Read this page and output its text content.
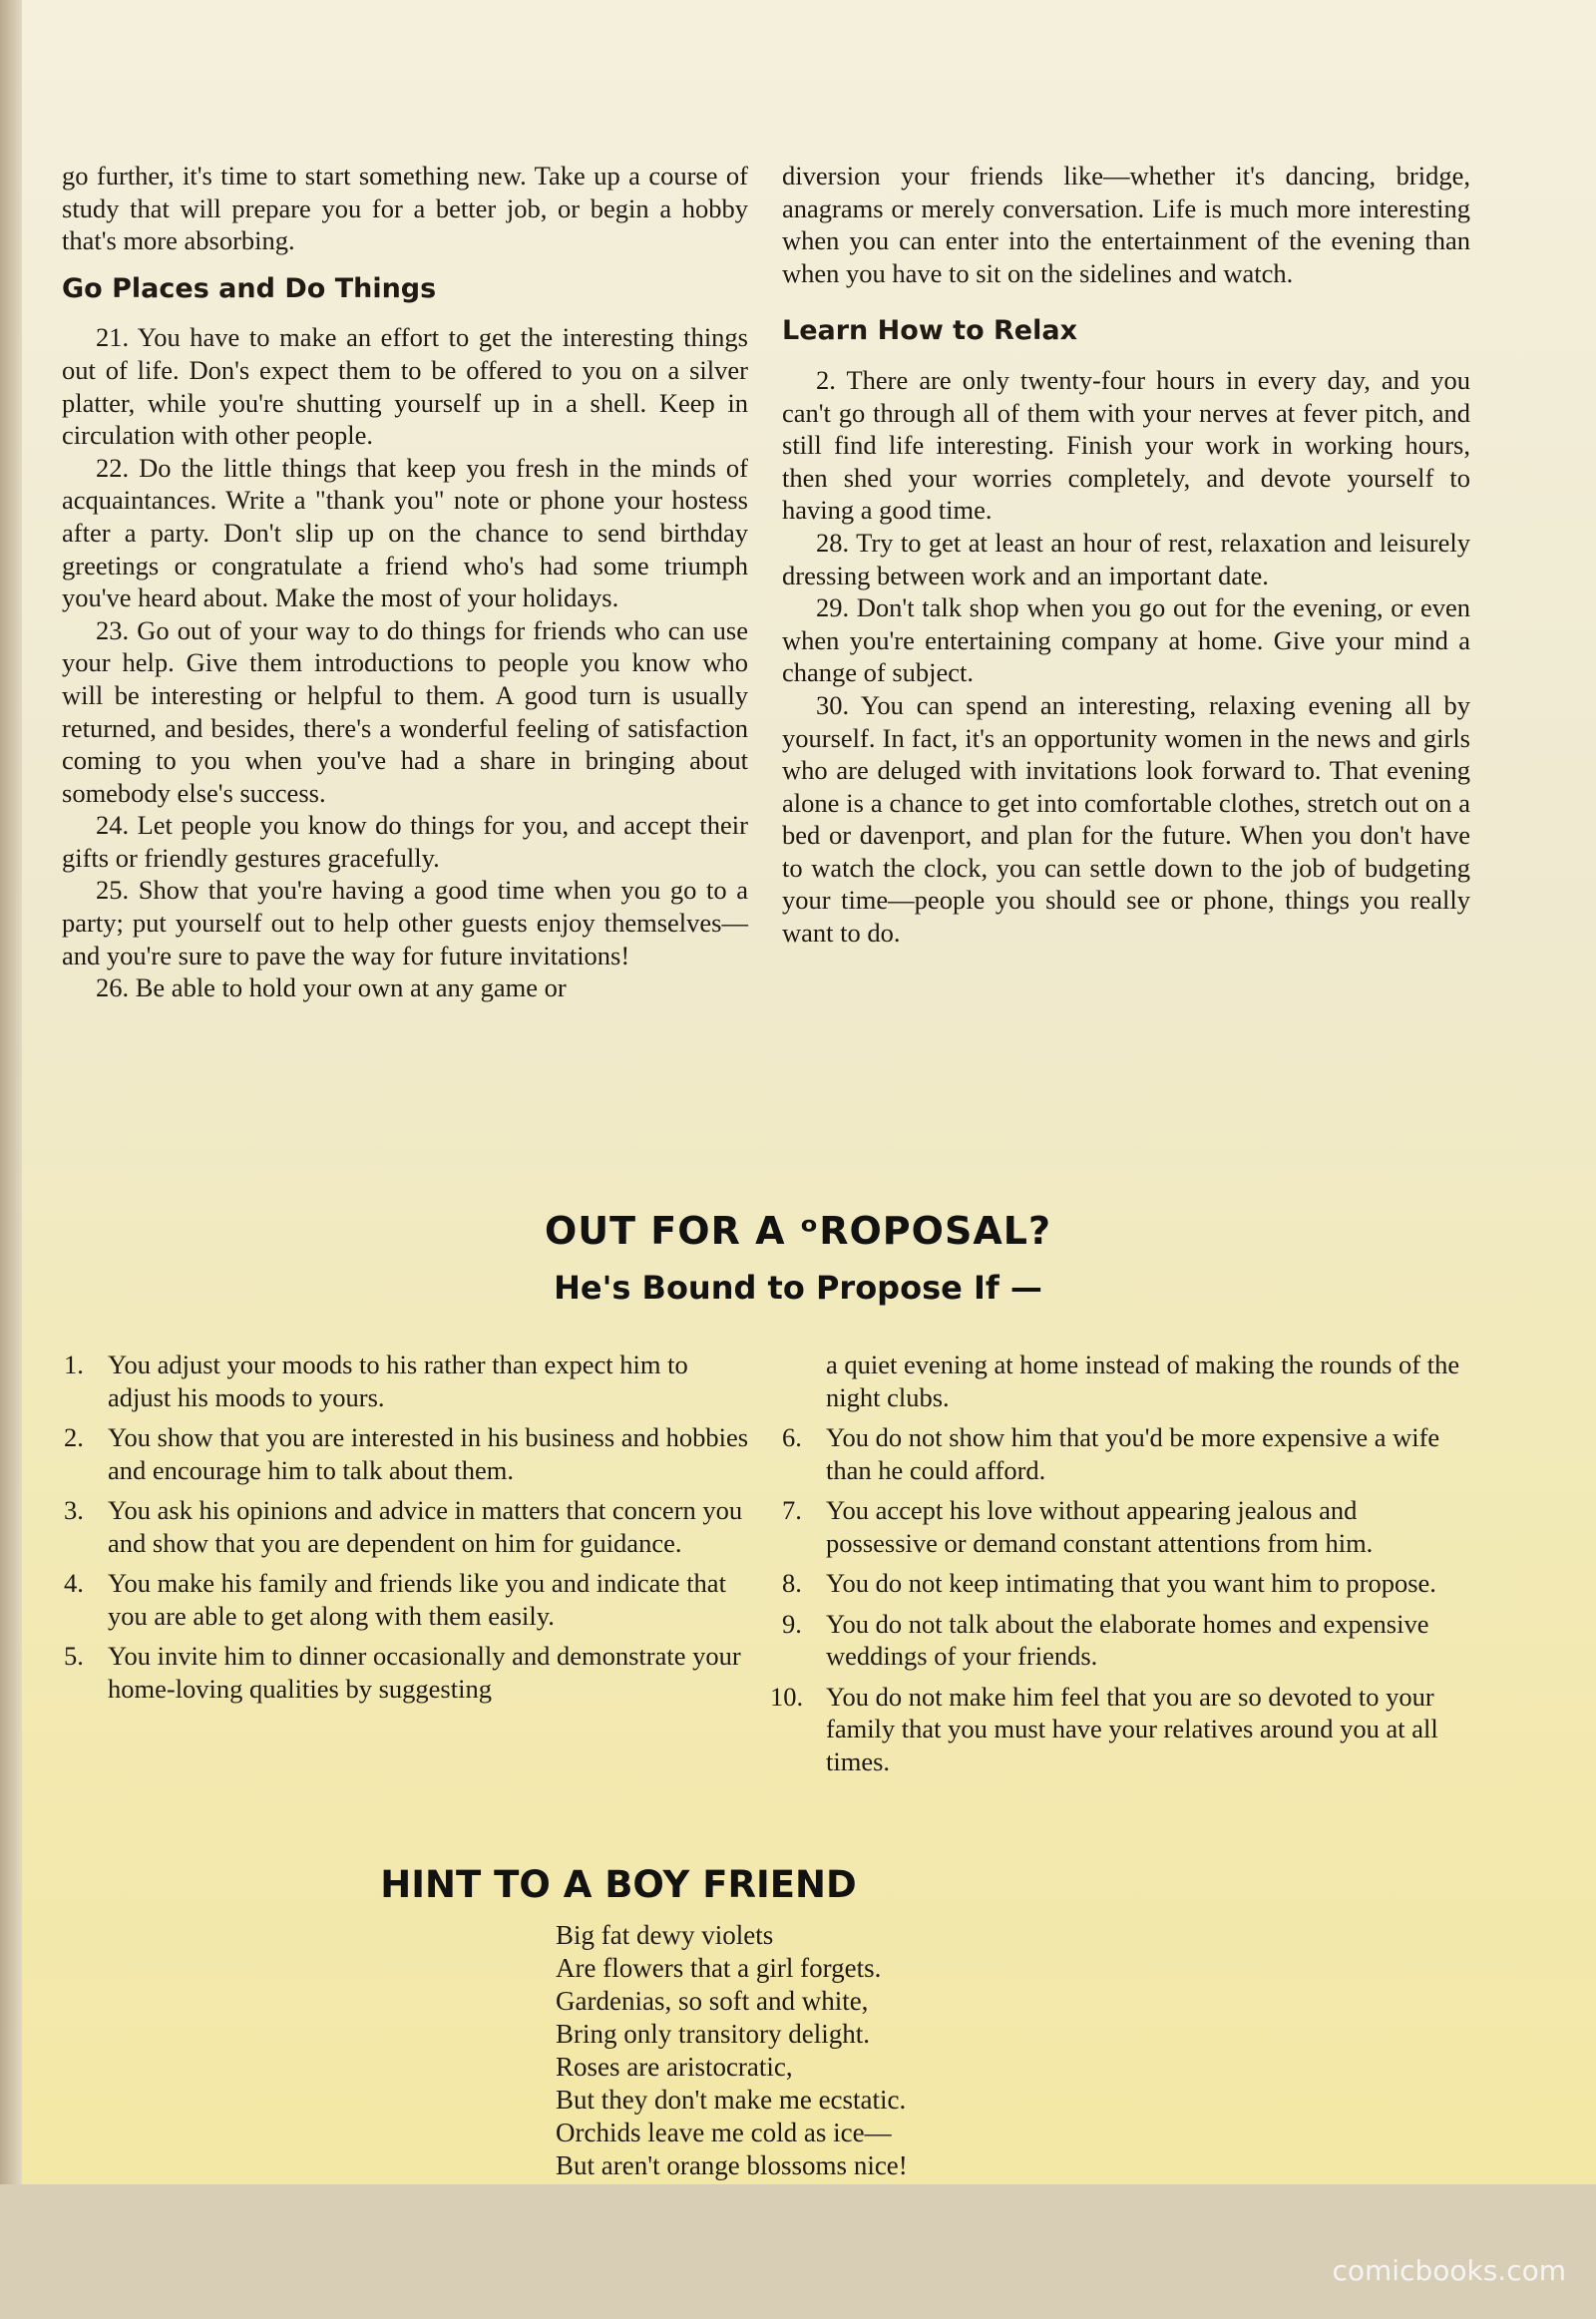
go further, it's time to start something new. Take up a course of study that will prepare you for a better job, or begin a hobby that's more absorbing.

Go Places and Do Things

21. You have to make an effort to get the interesting things out of life. Don's expect them to be offered to you on a silver platter, while you're shutting yourself up in a shell. Keep in circulation with other people.

22. Do the little things that keep you fresh in the minds of acquaintances. Write a "thank you" note or phone your hostess after a party. Don't slip up on the chance to send birthday greetings or congratulate a friend who's had some triumph you've heard about. Make the most of your holidays.

23. Go out of your way to do things for friends who can use your help. Give them introductions to people you know who will be interesting or helpful to them. A good turn is usually returned, and besides, there's a wonderful feeling of satisfaction coming to you when you've had a share in bringing about somebody else's success.

24. Let people you know do things for you, and accept their gifts or friendly gestures gracefully.

25. Show that you're having a good time when you go to a party; put yourself out to help other guests enjoy themselves—and you're sure to pave the way for future invitations!

26. Be able to hold your own at any game or

diversion your friends like—whether it's dancing, bridge, anagrams or merely conversation. Life is much more interesting when you can enter into the entertainment of the evening than when you have to sit on the sidelines and watch.

Learn How to Relax

2. There are only twenty-four hours in every day, and you can't go through all of them with your nerves at fever pitch, and still find life interesting. Finish your work in working hours, then shed your worries completely, and devote yourself to having a good time.

28. Try to get at least an hour of rest, relaxation and leisurely dressing between work and an important date.

29. Don't talk shop when you go out for the evening, or even when you're entertaining company at home. Give your mind a change of subject.

30. You can spend an interesting, relaxing evening all by yourself. In fact, it's an opportunity women in the news and girls who are deluged with invitations look forward to. That evening alone is a chance to get into comfortable clothes, stretch out on a bed or davenport, and plan for the future. When you don't have to watch the clock, you can settle down to the job of budgeting your time—people you should see or phone, things you really want to do.

OUT FOR A ᵒROPOSAL?
He's Bound to Propose If —
1. You adjust your moods to his rather than expect him to adjust his moods to yours.
2. You show that you are interested in his business and hobbies and encourage him to talk about them.
3. You ask his opinions and advice in matters that concern you and show that you are dependent on him for guidance.
4. You make his family and friends like you and indicate that you are able to get along with them easily.
5. You invite him to dinner occasionally and demonstrate your home-loving qualities by suggesting
a quiet evening at home instead of making the rounds of the night clubs.
6. You do not show him that you'd be more expensive a wife than he could afford.
7. You accept his love without appearing jealous and possessive or demand constant attentions from him.
8. You do not keep intimating that you want him to propose.
9. You do not talk about the elaborate homes and expensive weddings of your friends.
10. You do not make him feel that you are so devoted to your family that you must have your relatives around you at all times.
HINT TO A BOY FRIEND
Big fat dewy violets
Are flowers that a girl forgets.
Gardenias, so soft and white,
Bring only transitory delight.
Roses are aristocratic,
But they don't make me ecstatic.
Orchids leave me cold as ice—
But aren't orange blossoms nice!
comicbooks.com
